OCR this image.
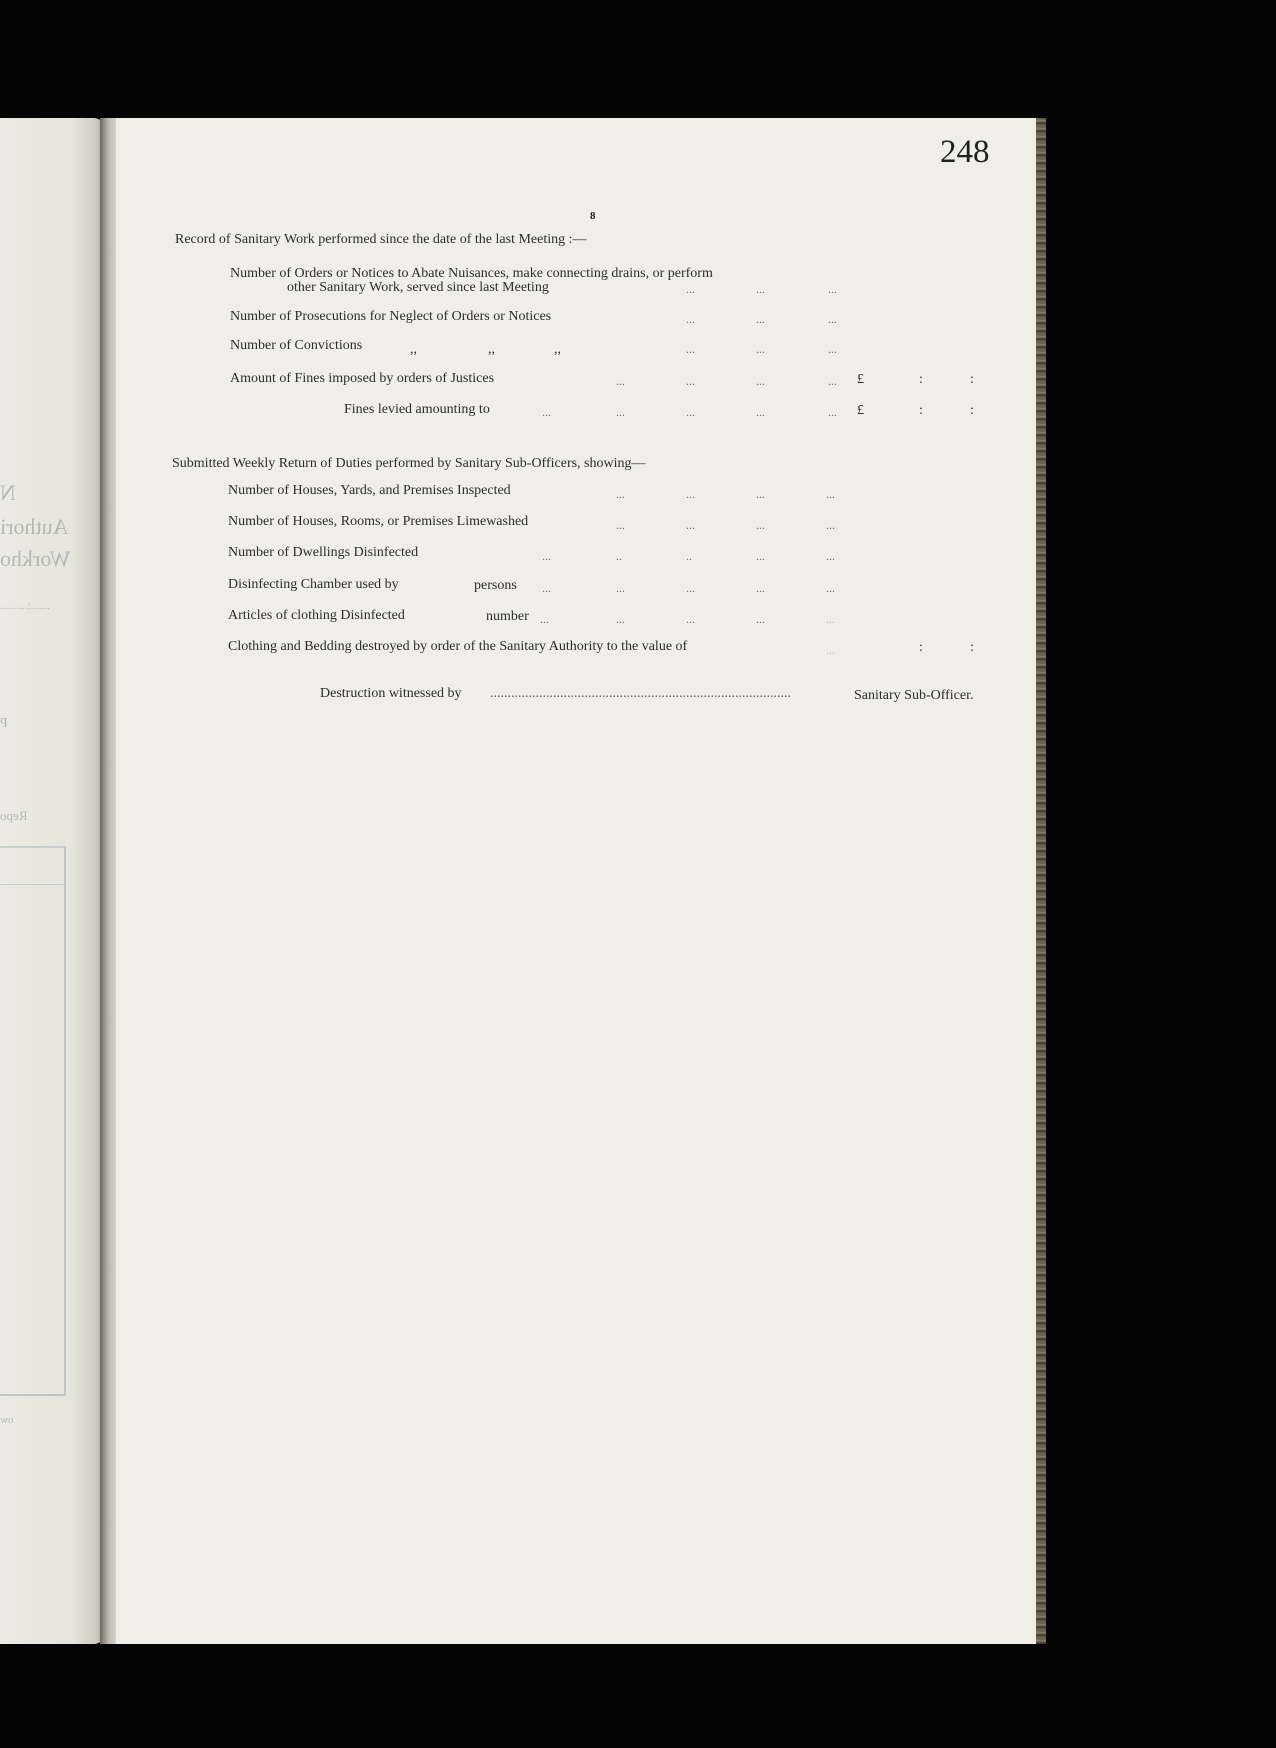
N
Authori
Workho
.......;..........
P
Repo
ow
248
8
Record of Sanitary Work performed since the date of the last Meeting :—
Number of Orders or Notices to Abate Nuisances, make connecting drains, or perform
other Sanitary Work, served since last Meeting	...	...	...
Number of Prosecutions for Neglect of Orders or Notices	...	...	...
Number of Convictions	,,	,,	,,	...	...	...
Amount of Fines imposed by orders of Justices	...	...	...	... £	:	:
Fines levied amounting to	...	...	...	...	... £	:	:
Submitted Weekly Return of Duties performed by Sanitary Sub-Officers, showing—
Number of Houses, Yards, and Premises Inspected	...	...	...	...
Number of Houses, Rooms, or Premises Limewashed	...	...	...	...
Number of Dwellings Disinfected	...	..	..	...	...
Disinfecting Chamber used by	persons ...	...	...	...	...
Articles of clothing Disinfected	number ...	...	...	...	...
Clothing and Bedding destroyed by order of the Sanitary Authority to the value of	...	:	:
Destruction witnessed by ......................................................................................	Sanitary Sub-Officer.
